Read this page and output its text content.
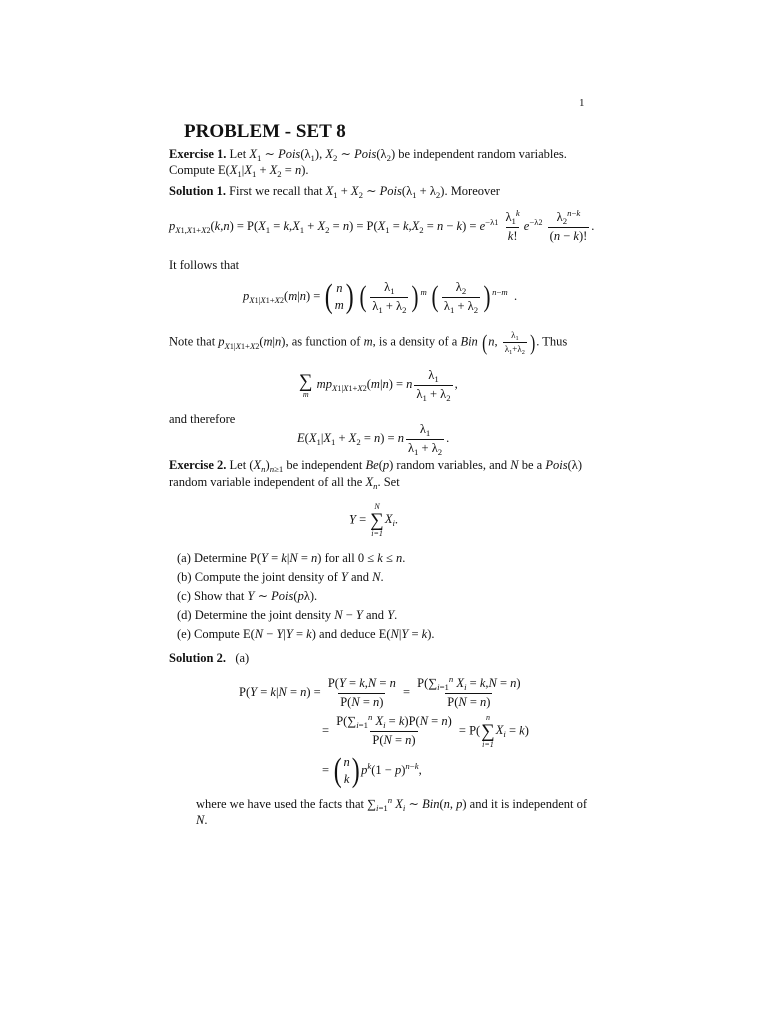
1
PROBLEM - SET 8
Exercise 1. Let $X_1$ ∼ $Pois(\lambda_1)$, $X_2$ ∼ $Pois(\lambda_2)$ be independent random variables.
Compute $E(X_1|X_1 + X_2 = n)$.
Solution 1. First we recall that $X_1 + X_2$ ∼ $Pois(\lambda_1 + \lambda_2)$. Moreover
$p_{X1,X1+X2}(k,n) = P(X_1 = k,X_1 + X_2 = n) = P(X_1 = k,X_2 = n - k) = e^{-\lambda 1} \frac{\lambda_1^k}{k!} e^{-\lambda 2} \frac{\lambda_2^{n-k}}{(n - k)!}$ .
It follows that
$p_{X1|X1+X2}(m|n)$ = ( n
m ) ( $\frac{\lambda_1}{\lambda_1 + \lambda_2}$ ) $^m$ ( $\frac{\lambda_2}{\lambda_1 + \lambda_2}$ ) $^{n-m}$  .
Note that $p_{X1|X1+X2}(m|n)$, as function of m, is a density of a Bin (n, $\frac{\lambda_1}{\lambda_1+\lambda_2}$ ). Thus
∑
m
$mp_{X1|X1+X2}(m|n) = n \frac{\lambda_1}{\lambda_1 + \lambda_2}$ ,
and therefore
$E(X_1|X_1 + X_2 = n) = n \frac{\lambda_1}{\lambda_1 + \lambda_2}$ .
Exercise 2. Let $(X_n)_{n\ge 1}$ be independent Be(p) random variables, and N be a Pois(λ)
random variable independent of all the $X_n$. Set
Y =
N
∑
i=1
$X_i$.
(a) Determine P(Y = k|N = n) for all 0 ≤ k ≤ n.
(b) Compute the joint density of Y and N.
(c) Show that Y ∼ Pois(pλ).
(d) Determine the joint density N − Y and Y.
(e) Compute E(N − Y|Y = k) and deduce E(N|Y = k).
Solution 2. (a)
$P(Y = k|N = n) = \frac{P(Y = k,N = n}{P(N = n)} = \frac{P(\sum_{i=1}^n X_i = k,N = n)}{P(N = n)}$
= $\frac{P(\sum_{i=1}^n X_i = k)P(N = n)}{P(N = n)} = P$(
n
∑
i=1
$X_i = k$)
= ( n
k ) $p^k(1 - p)^{n-k}$,
where we have used the facts that $\sum_{i=1}^n$ $X_i$ ∼ Bin(n, p) and it is independent of
N.
